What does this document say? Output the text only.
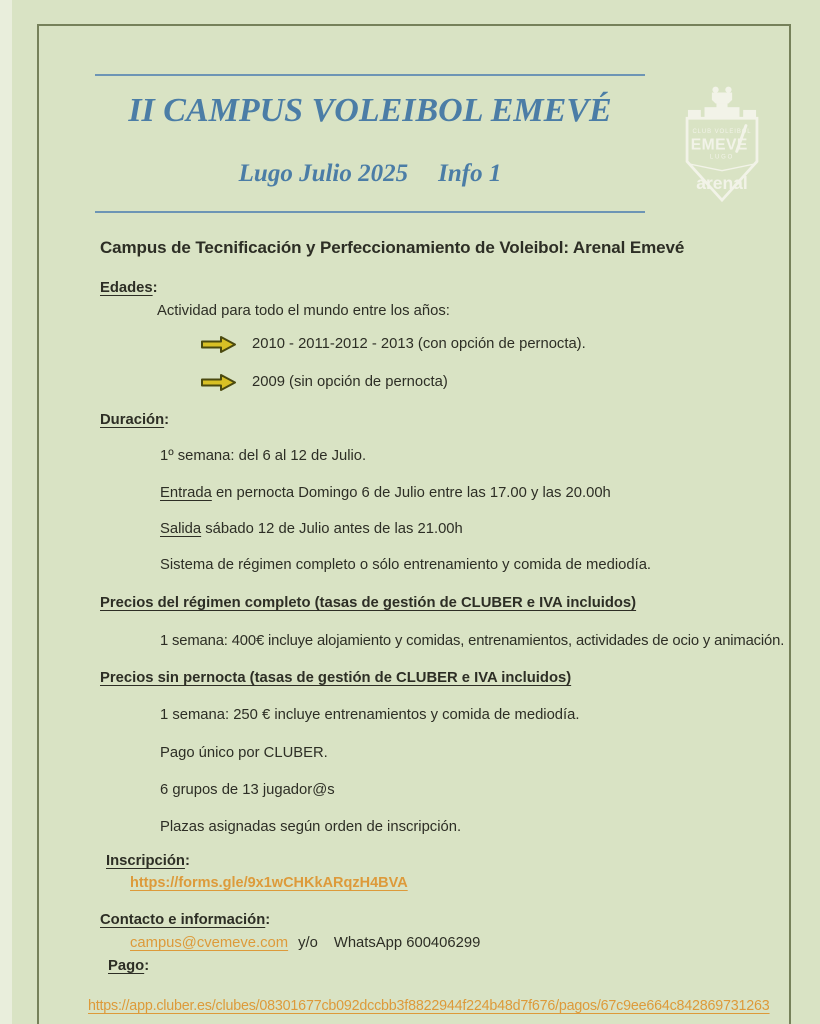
II CAMPUS VOLEIBOL EMEVÉ
Lugo Julio 2025 Info 1
CLUB VOLEIBOL
EMEVE
LUGO
arenal
Campus de Tecnificación y Perfeccionamiento de Voleibol: Arenal Emevé
Edades:
Actividad para todo el mundo entre los años:
2010 - 2011-2012 - 2013 (con opción de pernocta).
2009 (sin opción de pernocta)
Duración:
1º semana: del 6 al 12 de Julio.
Entrada en pernocta Domingo 6 de Julio entre las 17.00 y las 20.00h
Salida sábado 12 de Julio antes de las 21.00h
Sistema de régimen completo o sólo entrenamiento y comida de mediodía.
Precios del régimen completo (tasas de gestión de CLUBER e IVA incluidos)
1 semana: 400€ incluye alojamiento y comidas, entrenamientos, actividades de ocio y animación.
Precios sin pernocta (tasas de gestión de CLUBER e IVA incluidos)
1 semana: 250 € incluye entrenamientos y comida de mediodía.
Pago único por CLUBER.
6 grupos de 13 jugador@s
Plazas asignadas según orden de inscripción.
Inscripción:
https://forms.gle/9x1wCHKkARqzH4BVA
Contacto e información:
campus@cvemeve.com y/o WhatsApp 600406299
Pago:
https://app.cluber.es/clubes/08301677cb092dccbb3f8822944f224b48d7f676/pagos/67c9ee664c842869731263
